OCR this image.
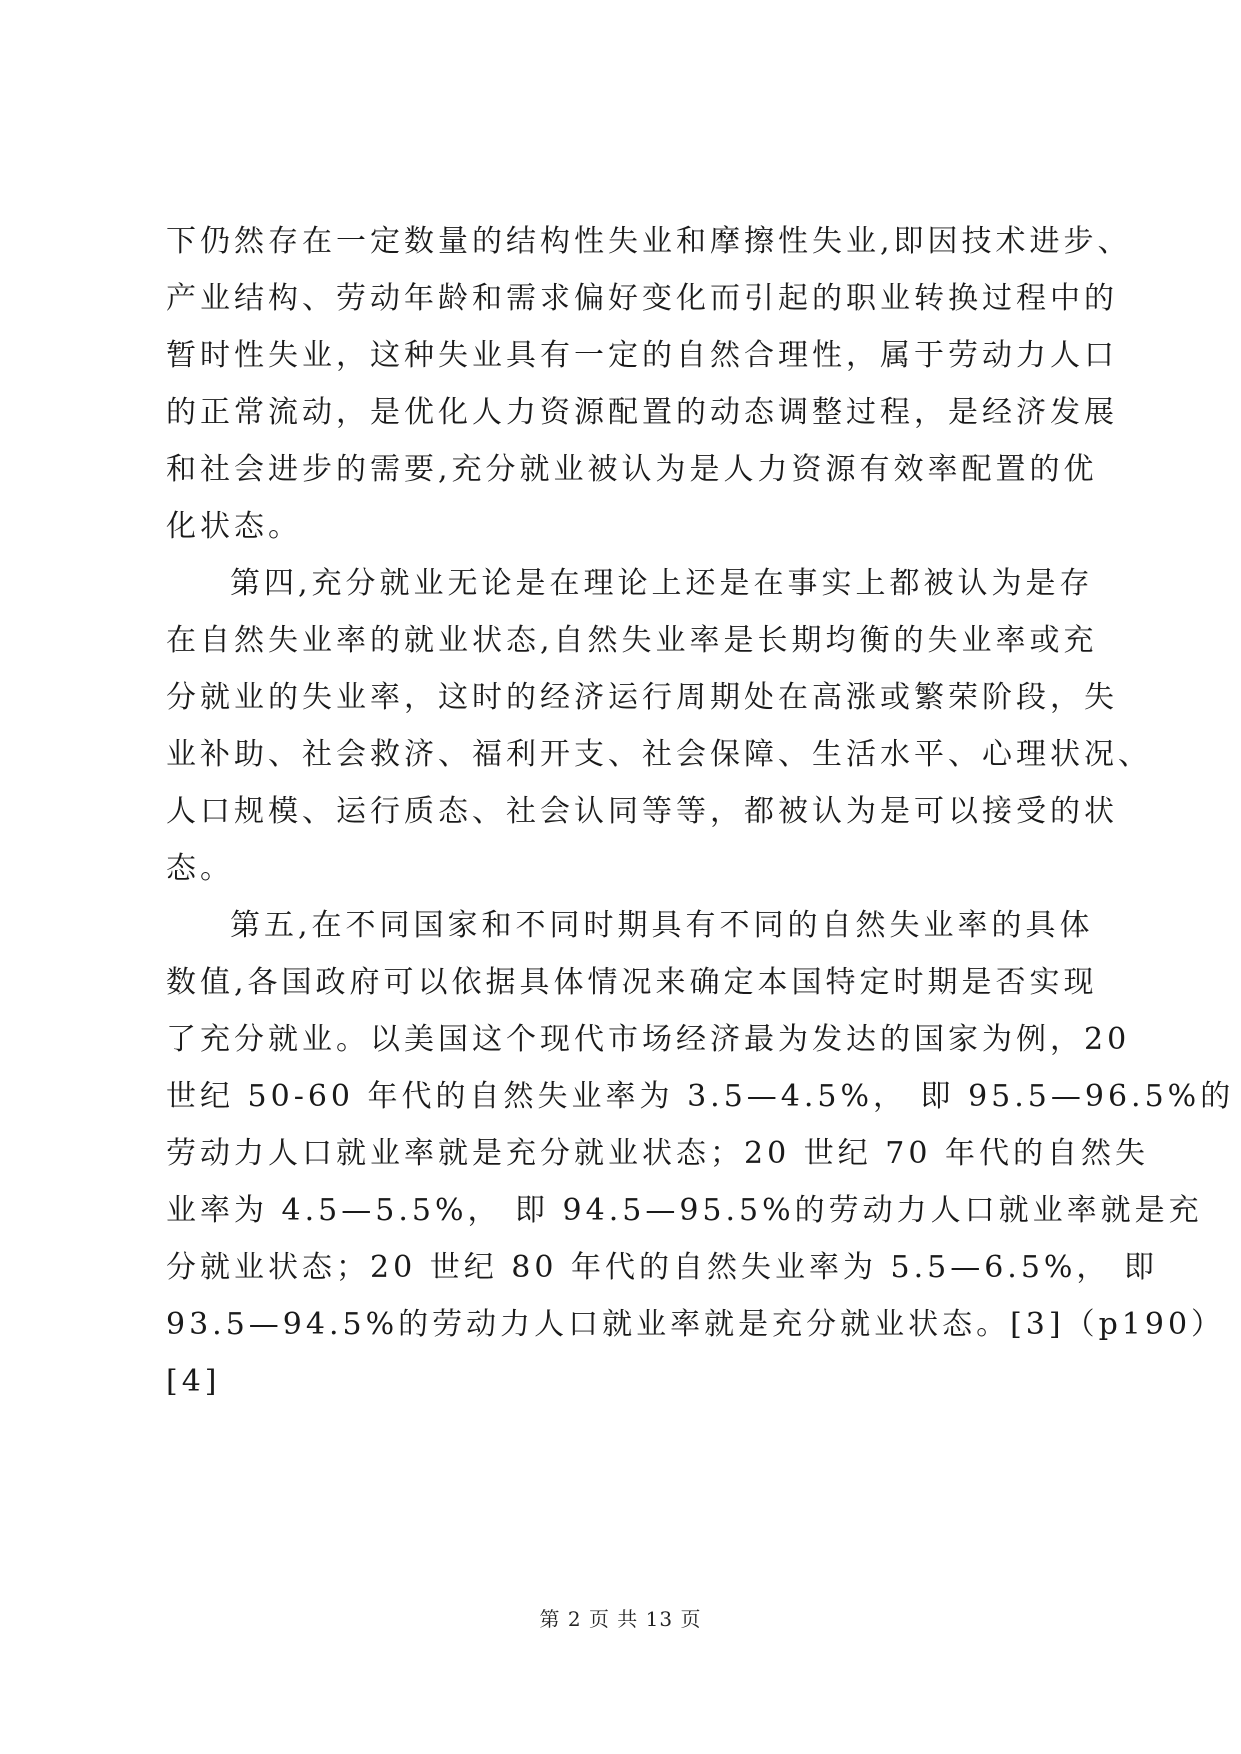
下仍然存在一定数量的结构性失业和摩擦性失业,即因技术进步、
产业结构、劳动年龄和需求偏好变化而引起的职业转换过程中的
暂时性失业，这种失业具有一定的自然合理性，属于劳动力人口
的正常流动，是优化人力资源配置的动态调整过程，是经济发展
和社会进步的需要,充分就业被认为是人力资源有效率配置的优
化状态。
第四,充分就业无论是在理论上还是在事实上都被认为是存
在自然失业率的就业状态,自然失业率是长期均衡的失业率或充
分就业的失业率，这时的经济运行周期处在高涨或繁荣阶段，失
业补助、社会救济、福利开支、社会保障、生活水平、心理状况、
人口规模、运行质态、社会认同等等，都被认为是可以接受的状
态。
第五,在不同国家和不同时期具有不同的自然失业率的具体
数值,各国政府可以依据具体情况来确定本国特定时期是否实现
了充分就业。以美国这个现代市场经济最为发达的国家为例，20
世纪 50-60 年代的自然失业率为 3.5—4.5%， 即 95.5—96.5%的
劳动力人口就业率就是充分就业状态；20 世纪 70 年代的自然失
业率为 4.5—5.5%， 即 94.5—95.5%的劳动力人口就业率就是充
分就业状态；20 世纪 80 年代的自然失业率为 5.5—6.5%， 即
93.5—94.5%的劳动力人口就业率就是充分就业状态。[3]（p190）
[4]
第 2 页 共 13 页
